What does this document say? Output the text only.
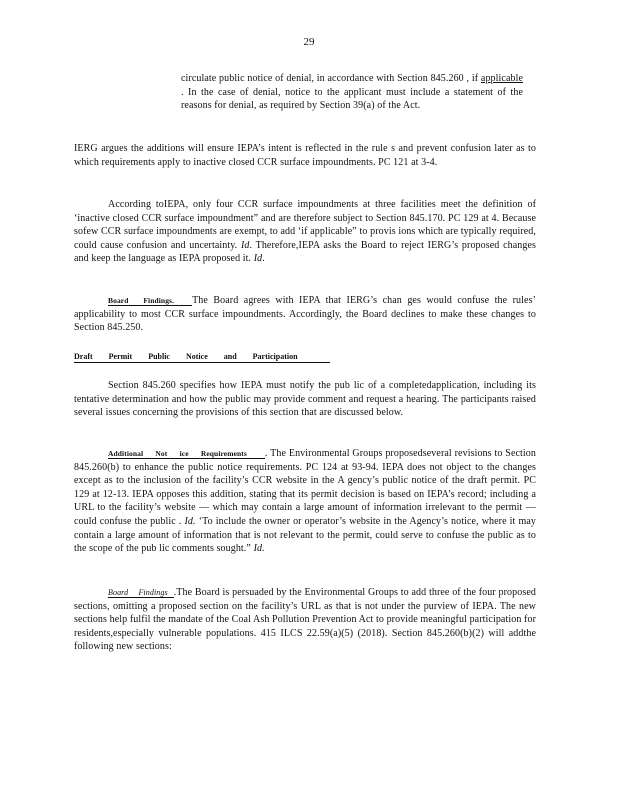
29
circulate public notice of denial, in accordance with Section 845.260 , if applicable . In the case of denial, notice to the applicant must include a statement of the reasons for denial, as required by Section 39(a) of the Act.
IERG argues the additions will ensure IEPA’s intent is reflected in the rule s and prevent confusion later as to which requirements apply to inactive closed CCR surface impoundments. PC 121 at 3-4.
According toIEPA, only four CCR surface impoundments at three facilities meet the definition of ‘inactive closed CCR surface impoundment” and are therefore subject to Section 845.170. PC 129 at 4. Because sofew CCR surface impoundments are exempt, to add ‘if applicable” to provis ions which are typically required, could cause confusion and uncertainty. Id. Therefore,IEPA asks the Board to reject IERG’s proposed changes and keep the language as IEPA proposed it. Id.
Board Findings. The Board agrees with IEPA that IERG’s chan ges would confuse the rules’ applicability to most CCR surface impoundments. Accordingly, the Board declines to make these changes to Section 845.250.
Draft Permit Public Notice and Participation
Section 845.260 specifies how IEPA must notify the pub lic of a completedapplication, including its tentative determination and how the public may provide comment and request a hearing. The participants raised several issues concerning the provisions of this section that are discussed below.
Additional Not ice Requirements . The Environmental Groups proposedseveral revisions to Section 845.260(b) to enhance the public notice requirements. PC 124 at 93-94. IEPA does not object to the changes except as to the inclusion of the facility’s CCR website in the A gency’s public notice of the draft permit. PC 129 at 12-13. IEPA opposes this addition, stating that its permit decision is based on IEPA’s record; including a URL to the facility’s website — which may contain a large amount of information irrelevant to the permit — could confuse the public . Id. ‘To include the owner or operator’s website in the Agency’s notice, where it may contain a large amount of information that is not relevant to the permit, could serve to confuse the public as to the scope of the pub lic comments sought.” Id.
Board Findings .The Board is persuaded by the Environmental Groups to add three of the four proposed sections, omitting a proposed section on the facility’s URL as that is not under the purview of IEPA. The new sections help fulfil the mandate of the Coal Ash Pollution Prevention Act to provide meaningful participation for residents,especially vulnerable populations. 415 ILCS 22.59(a)(5) (2018). Section 845.260(b)(2) will addthe following new sections:
